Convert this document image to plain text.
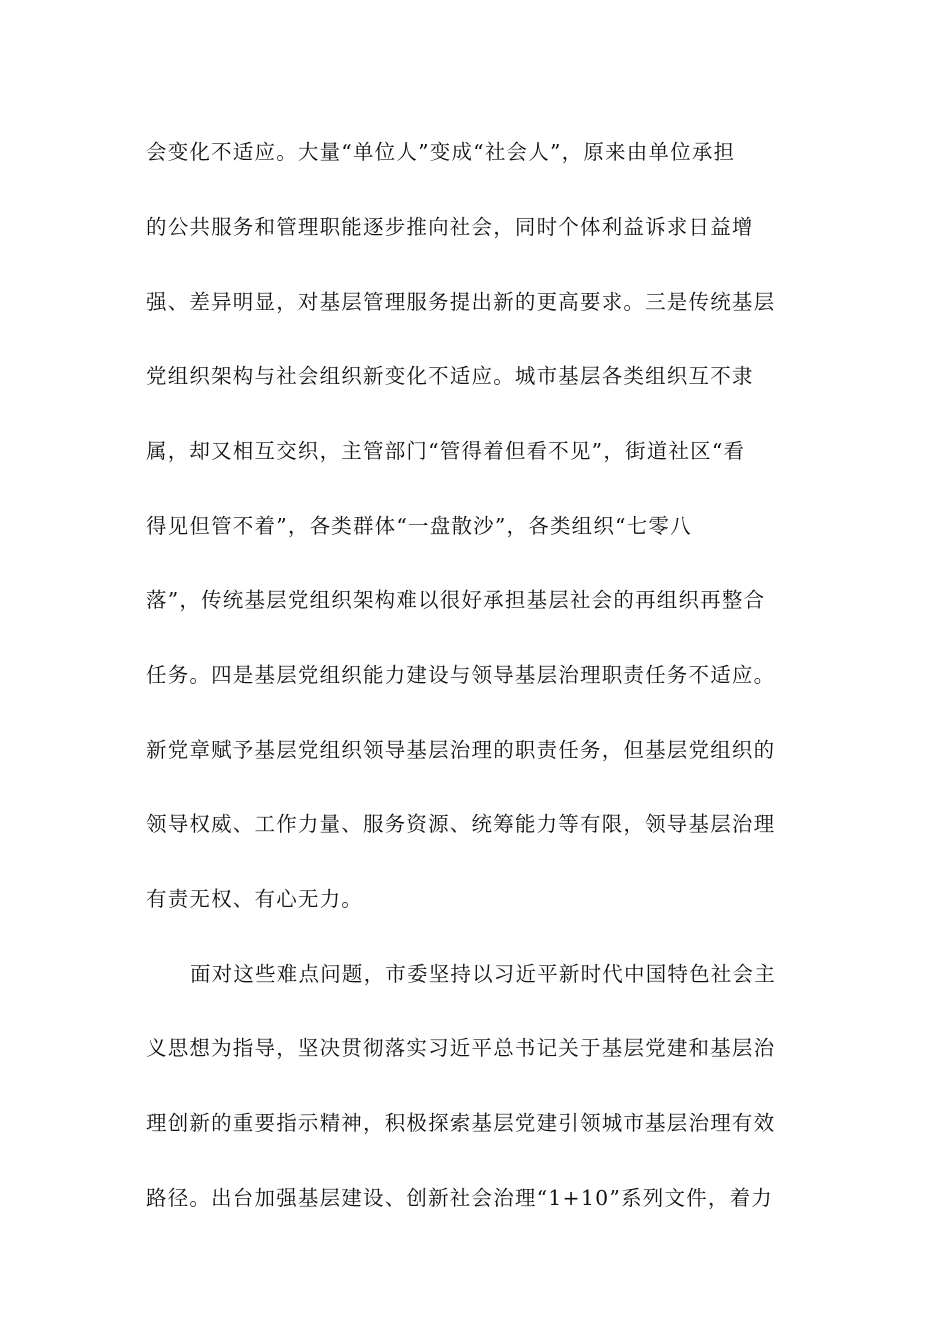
会变化不适应。大量“单位人”变成“社会人”，原来由单位承担
的公共服务和管理职能逐步推向社会，同时个体利益诉求日益增
强、差异明显，对基层管理服务提出新的更高要求。三是传统基层
党组织架构与社会组织新变化不适应。城市基层各类组织互不隶
属，却又相互交织，主管部门“管得着但看不见”，街道社区“看
得见但管不着”，各类群体“一盘散沙”，各类组织“七零八
落”，传统基层党组织架构难以很好承担基层社会的再组织再整合
任务。四是基层党组织能力建设与领导基层治理职责任务不适应。
新党章赋予基层党组织领导基层治理的职责任务，但基层党组织的
领导权威、工作力量、服务资源、统筹能力等有限，领导基层治理
有责无权、有心无力。
面对这些难点问题，市委坚持以习近平新时代中国特色社会主
义思想为指导，坚决贯彻落实习近平总书记关于基层党建和基层治
理创新的重要指示精神，积极探索基层党建引领城市基层治理有效
路径。出台加强基层建设、创新社会治理“1+10”系列文件，着力
